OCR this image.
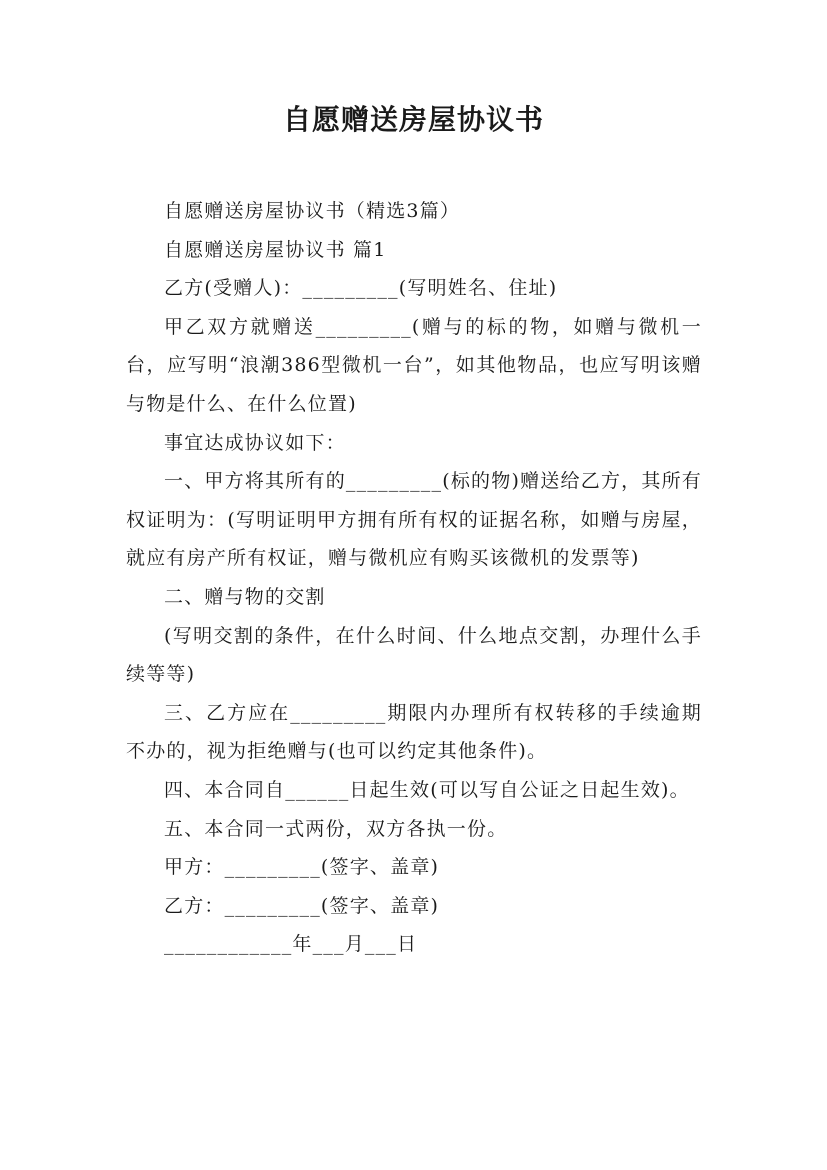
自愿赠送房屋协议书

自愿赠送房屋协议书（精选3篇）

自愿赠送房屋协议书 篇1

乙方(受赠人)：_________(写明姓名、住址)

甲乙双方就赠送_________(赠与的标的物，如赠与微机一台，应写明“浪潮386型微机一台”，如其他物品，也应写明该赠与物是什么、在什么位置)

事宜达成协议如下：

一、甲方将其所有的_________(标的物)赠送给乙方，其所有权证明为：(写明证明甲方拥有所有权的证据名称，如赠与房屋，就应有房产所有权证，赠与微机应有购买该微机的发票等)

二、赠与物的交割

(写明交割的条件，在什么时间、什么地点交割，办理什么手续等等)

三、乙方应在_________期限内办理所有权转移的手续逾期不办的，视为拒绝赠与(也可以约定其他条件)。

四、本合同自______日起生效(可以写自公证之日起生效)。

五、本合同一式两份，双方各执一份。

甲方：_________(签字、盖章)

乙方：_________(签字、盖章)

____________年___月___日
